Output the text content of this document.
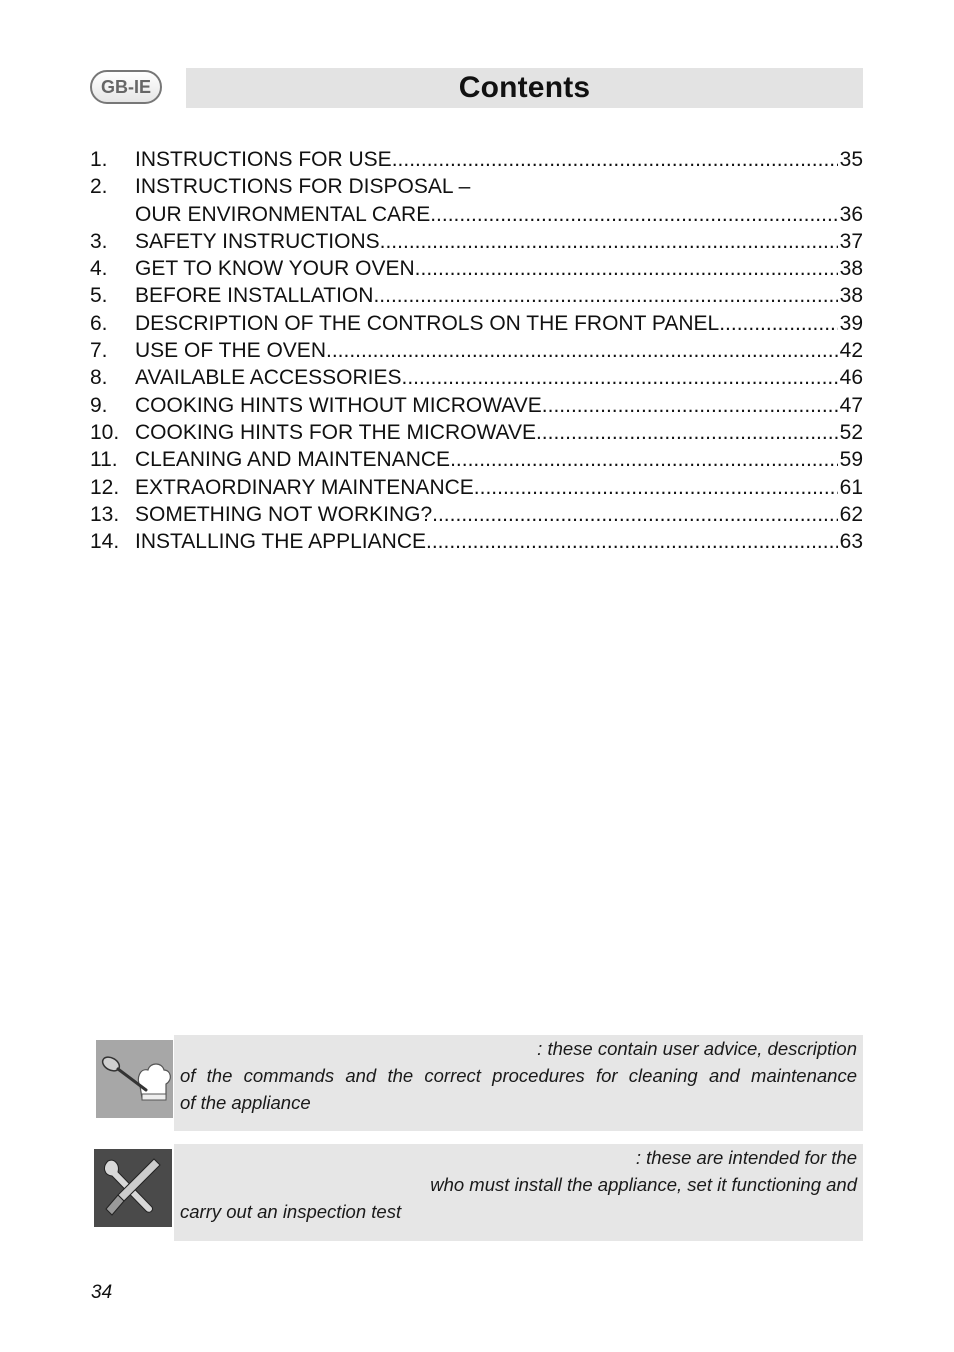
GB-IE	Contents
1.	INSTRUCTIONS FOR USE .....	35
2.	INSTRUCTIONS FOR DISPOSAL –
OUR ENVIRONMENTAL CARE .....	36
3.	SAFETY INSTRUCTIONS .....	37
4.	GET TO KNOW YOUR OVEN .....	38
5.	BEFORE INSTALLATION .....	38
6.	DESCRIPTION OF THE CONTROLS ON THE FRONT PANEL .....	39
7.	USE OF THE OVEN .....	42
8.	AVAILABLE ACCESSORIES .....	46
9.	COOKING HINTS WITHOUT MICROWAVE .....	47
10. COOKING HINTS FOR THE MICROWAVE .....	52
11. CLEANING AND MAINTENANCE .....	59
12. EXTRAORDINARY MAINTENANCE .....	61
13. SOMETHING NOT WORKING? .....	62
14. INSTALLING THE APPLIANCE .....	63
: these contain user advice, description
of the commands and the correct procedures for cleaning and maintenance
of the appliance
: these are intended for the
who must install the appliance, set it functioning and
carry out an inspection test
34
